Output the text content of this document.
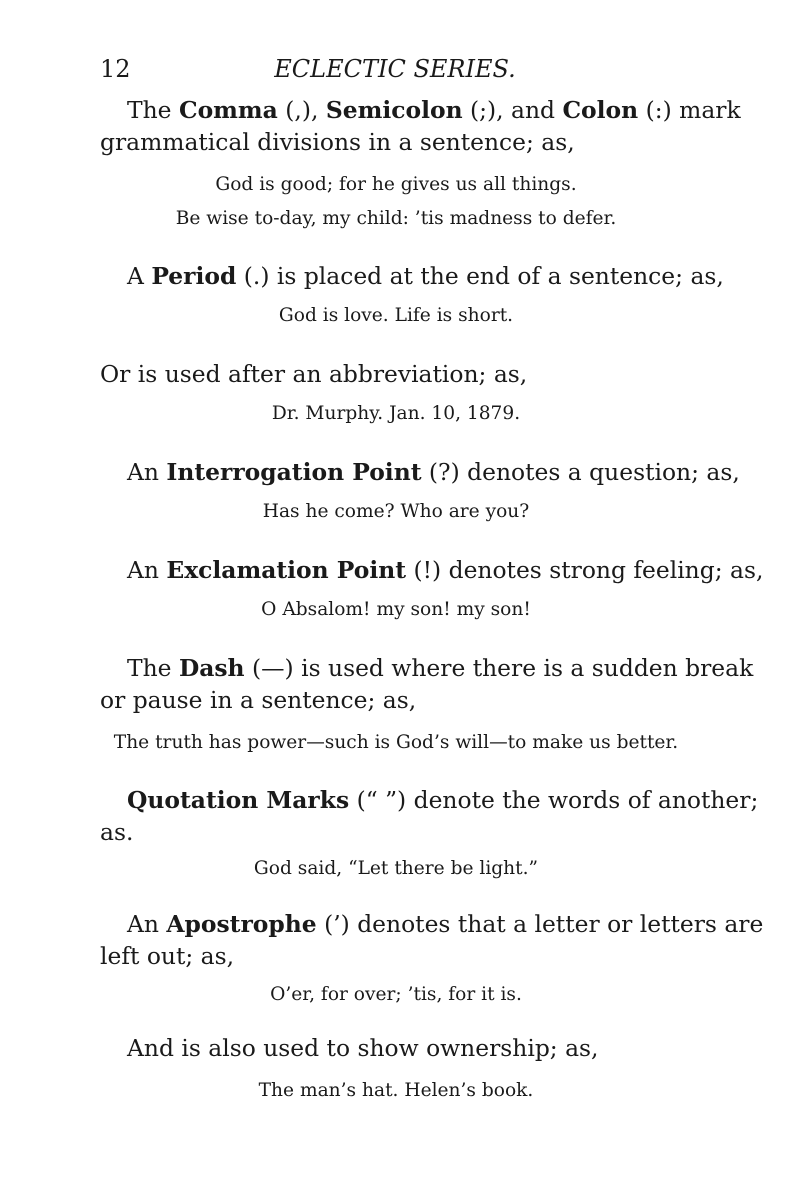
12	ECLECTIC SERIES.
The Comma (,), Semicolon (;), and Colon (:) mark
grammatical divisions in a sentence; as,
God is good; for he gives us all things.
Be wise to-day, my child: ’tis madness to defer.
A Period (.) is placed at the end of a sentence; as,
God is love. Life is short.
Or is used after an abbreviation; as,
Dr. Murphy. Jan. 10, 1879.
An Interrogation Point (?) denotes a question; as,
Has he come? Who are you?
An Exclamation Point (!) denotes strong feeling; as,
O Absalom! my son! my son!
The Dash (—) is used where there is a sudden break
or pause in a sentence; as,
The truth has power—such is God’s will—to make us better.
Quotation Marks (“ ”) denote the words of another;
as.
God said, “Let there be light.”
An Apostrophe (’) denotes that a letter or letters are
left out; as,
O’er, for over; ’tis, for it is.
And is also used to show ownership; as,
The man’s hat. Helen’s book.
